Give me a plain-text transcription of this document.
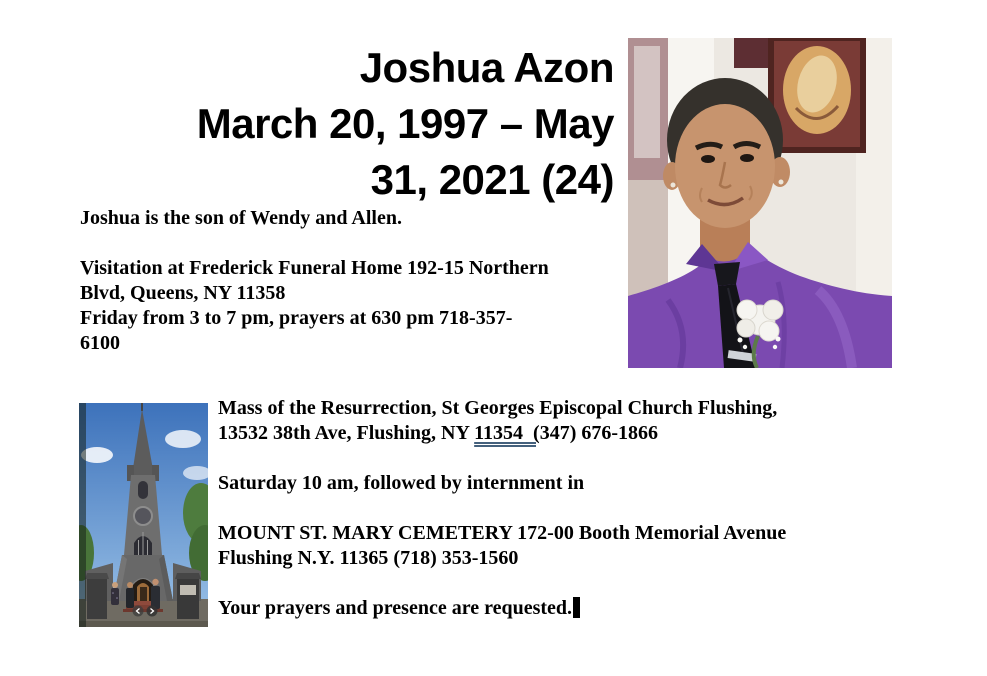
Joshua Azon
March 20, 1997 – May
31, 2021 (24)
Joshua is the son of Wendy and Allen.
Visitation at Frederick Funeral Home 192-15 Northern
Blvd, Queens, NY 11358
Friday from 3 to 7 pm, prayers at 630 pm 718-357-
6100
Mass of the Resurrection, St Georges Episcopal Church Flushing,
13532 38th Ave, Flushing, NY 11354  (347) 676-1866
Saturday 10 am, followed by internment in
MOUNT ST. MARY CEMETERY 172-00 Booth Memorial Avenue
Flushing N.Y. 11365 (718) 353-1560
Your prayers and presence are requested.
